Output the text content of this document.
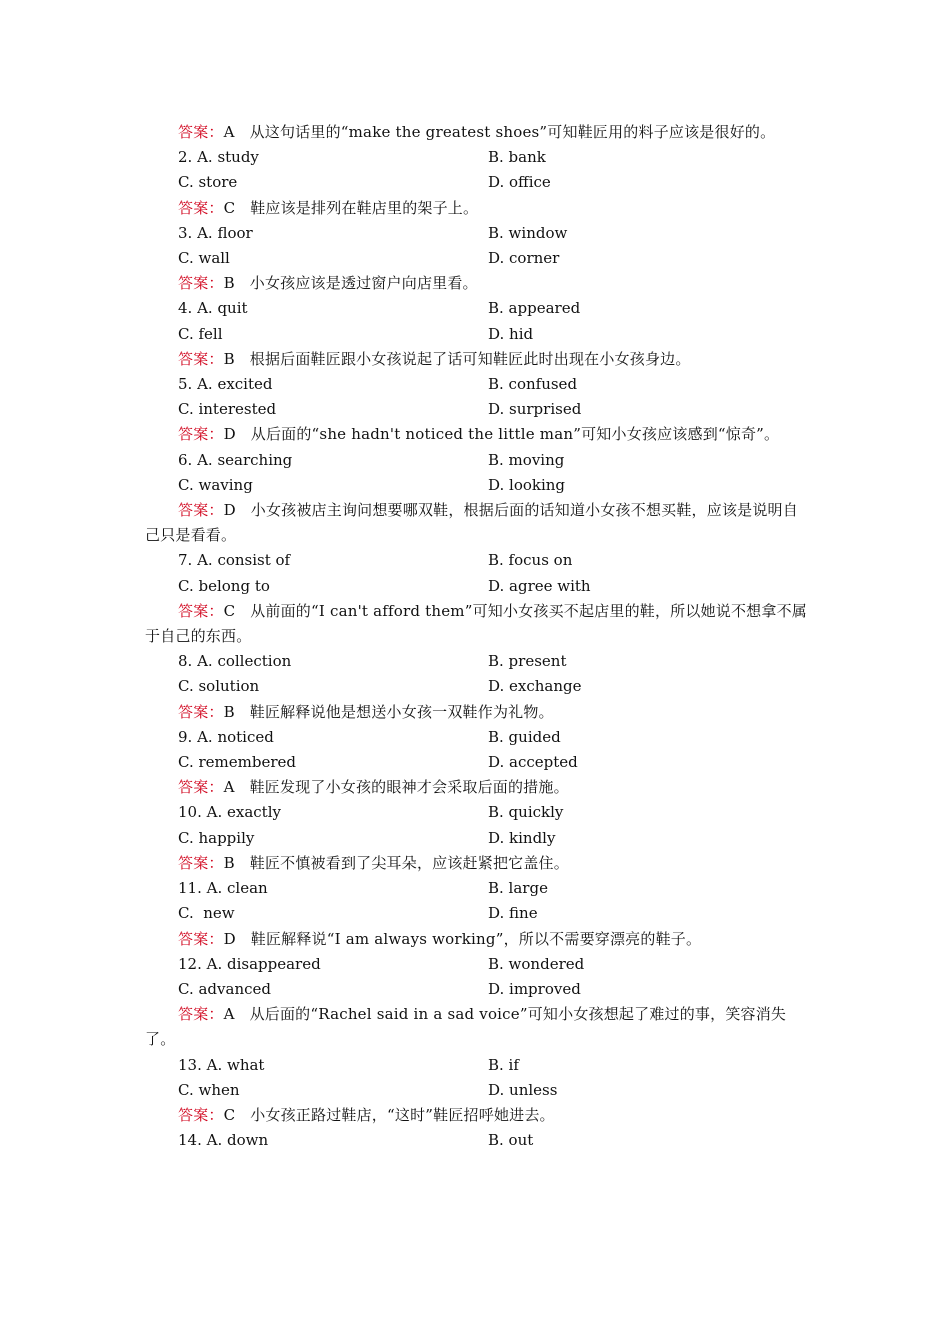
答案：A 从这句话里的“make the greatest shoes”可知鞋匠用的料子应该是很好的。
2. A. study	B. bank
C. store	D. office
答案：C 鞋应该是排列在鞋店里的架子上。
3. A. floor	B. window
C. wall	D. corner
答案：B 小女孩应该是透过窗户向店里看。
4. A. quit	B. appeared
C. fell	D. hid
答案：B 根据后面鞋匠跟小女孩说起了话可知鞋匠此时出现在小女孩身边。
5. A. excited	B. confused
C. interested	D. surprised
答案：D 从后面的“she hadn't noticed the little man”可知小女孩应该感到“惊奇”。
6. A. searching	B. moving
C. waving	D. looking
答案：D 小女孩被店主询问想要哪双鞋，根据后面的话知道小女孩不想买鞋，应该是说明自己只是看看。
7. A. consist of	B. focus on
C. belong to	D. agree with
答案：C 从前面的“I can't afford them”可知小女孩买不起店里的鞋，所以她说不想拿不属于自己的东西。
8. A. collection	B. present
C. solution	D. exchange
答案：B 鞋匠解释说他是想送小女孩一双鞋作为礼物。
9. A. noticed	B. guided
C. remembered	D. accepted
答案：A 鞋匠发现了小女孩的眼神才会采取后面的措施。
10. A. exactly	B. quickly
C. happily	D. kindly
答案：B 鞋匠不慎被看到了尖耳朵，应该赶紧把它盖住。
11. A. clean	B. large
C.  new	D. fine
答案：D 鞋匠解释说“I am always working”，所以不需要穿漂亮的鞋子。
12. A. disappeared	B. wondered
C. advanced	D. improved
答案：A 从后面的“Rachel said in a sad voice”可知小女孩想起了难过的事，笑容消失了。
13. A. what	B. if
C. when	D. unless
答案：C 小女孩正路过鞋店，“这时”鞋匠招呼她进去。
14. A. down	B. out
